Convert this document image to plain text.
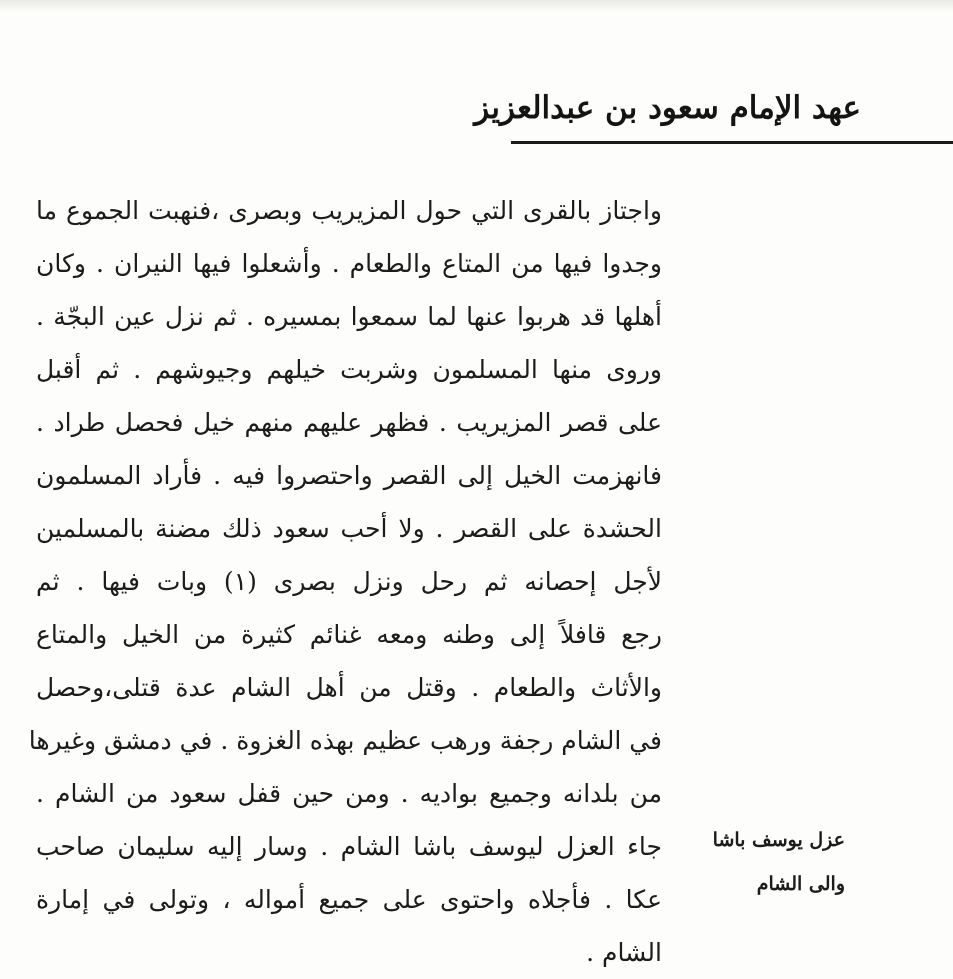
عهد الإمام سعود بن عبدالعزيز
واجتاز بالقرى التي حول المزيريب وبصرى ،فنهبت الجموع ما
وجدوا فيها من المتاع والطعام . وأشعلوا فيها النيران . وكان
أهلها قد هربوا عنها لما سمعوا بمسيره . ثم نزل عين البجّة .
وروى منها المسلمون وشربت خيلهم وجيوشهم . ثم أقبل
على قصر المزيريب . فظهر عليهم منهم خيل فحصل طراد .
فانهزمت الخيل إلى القصر واحتصروا فيه . فأراد المسلمون
الحشدة على القصر . ولا أحب سعود ذلك مضنة بالمسلمين
لأجل إحصانه ثم رحل ونزل بصرى (١) وبات فيها . ثم
رجع قافلاً إلى وطنه ومعه غنائم كثيرة من الخيل والمتاع
والأثاث والطعام . وقتل من أهل الشام عدة قتلى،وحصل
في الشام رجفة ورهب عظيم بهذه الغزوة . في دمشق وغيرها
من بلدانه وجميع بواديه . ومن حين قفل سعود من الشام .
جاء العزل ليوسف باشا الشام . وسار إليه سليمان صاحب
عكا . فأجلاه واحتوى على جميع أمواله ، وتولى في إمارة
الشام .
عزل يوسف باشا
والى الشام
